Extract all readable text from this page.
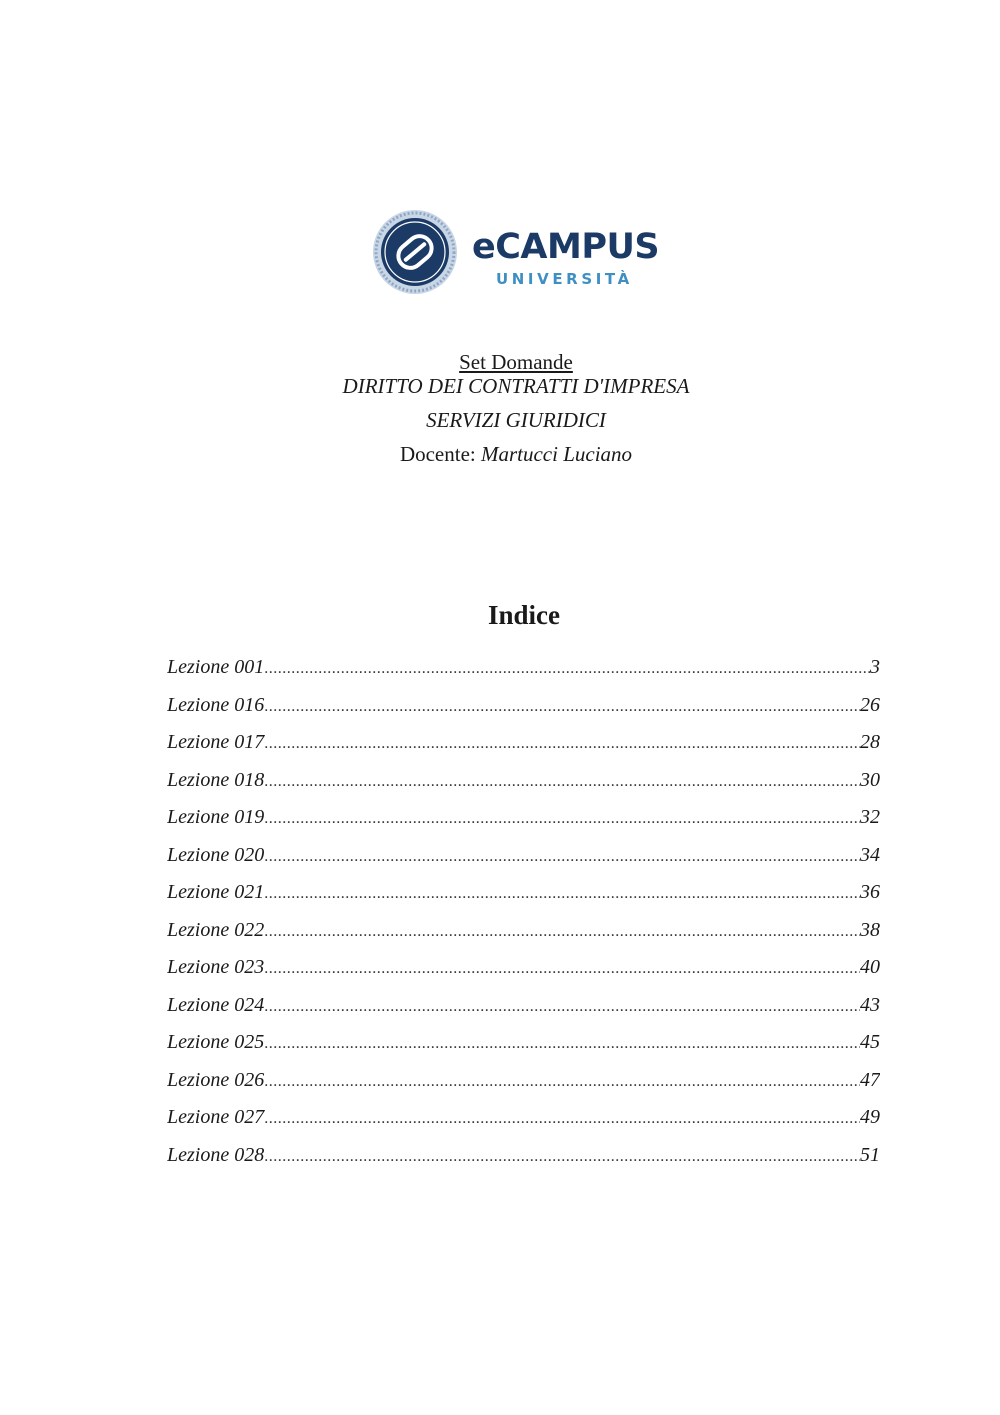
eCAMPUS
UNIVERSITÀ
Set Domande
DIRITTO DEI CONTRATTI D'IMPRESA
SERVIZI GIURIDICI
Docente: Martucci Luciano
Indice
Lezione 001 .....	3
Lezione 016 .....	26
Lezione 017 .....	28
Lezione 018 .....	30
Lezione 019 .....	32
Lezione 020 .....	34
Lezione 021 .....	36
Lezione 022 .....	38
Lezione 023 .....	40
Lezione 024 .....	43
Lezione 025 .....	45
Lezione 026 .....	47
Lezione 027 .....	49
Lezione 028 .....	51
